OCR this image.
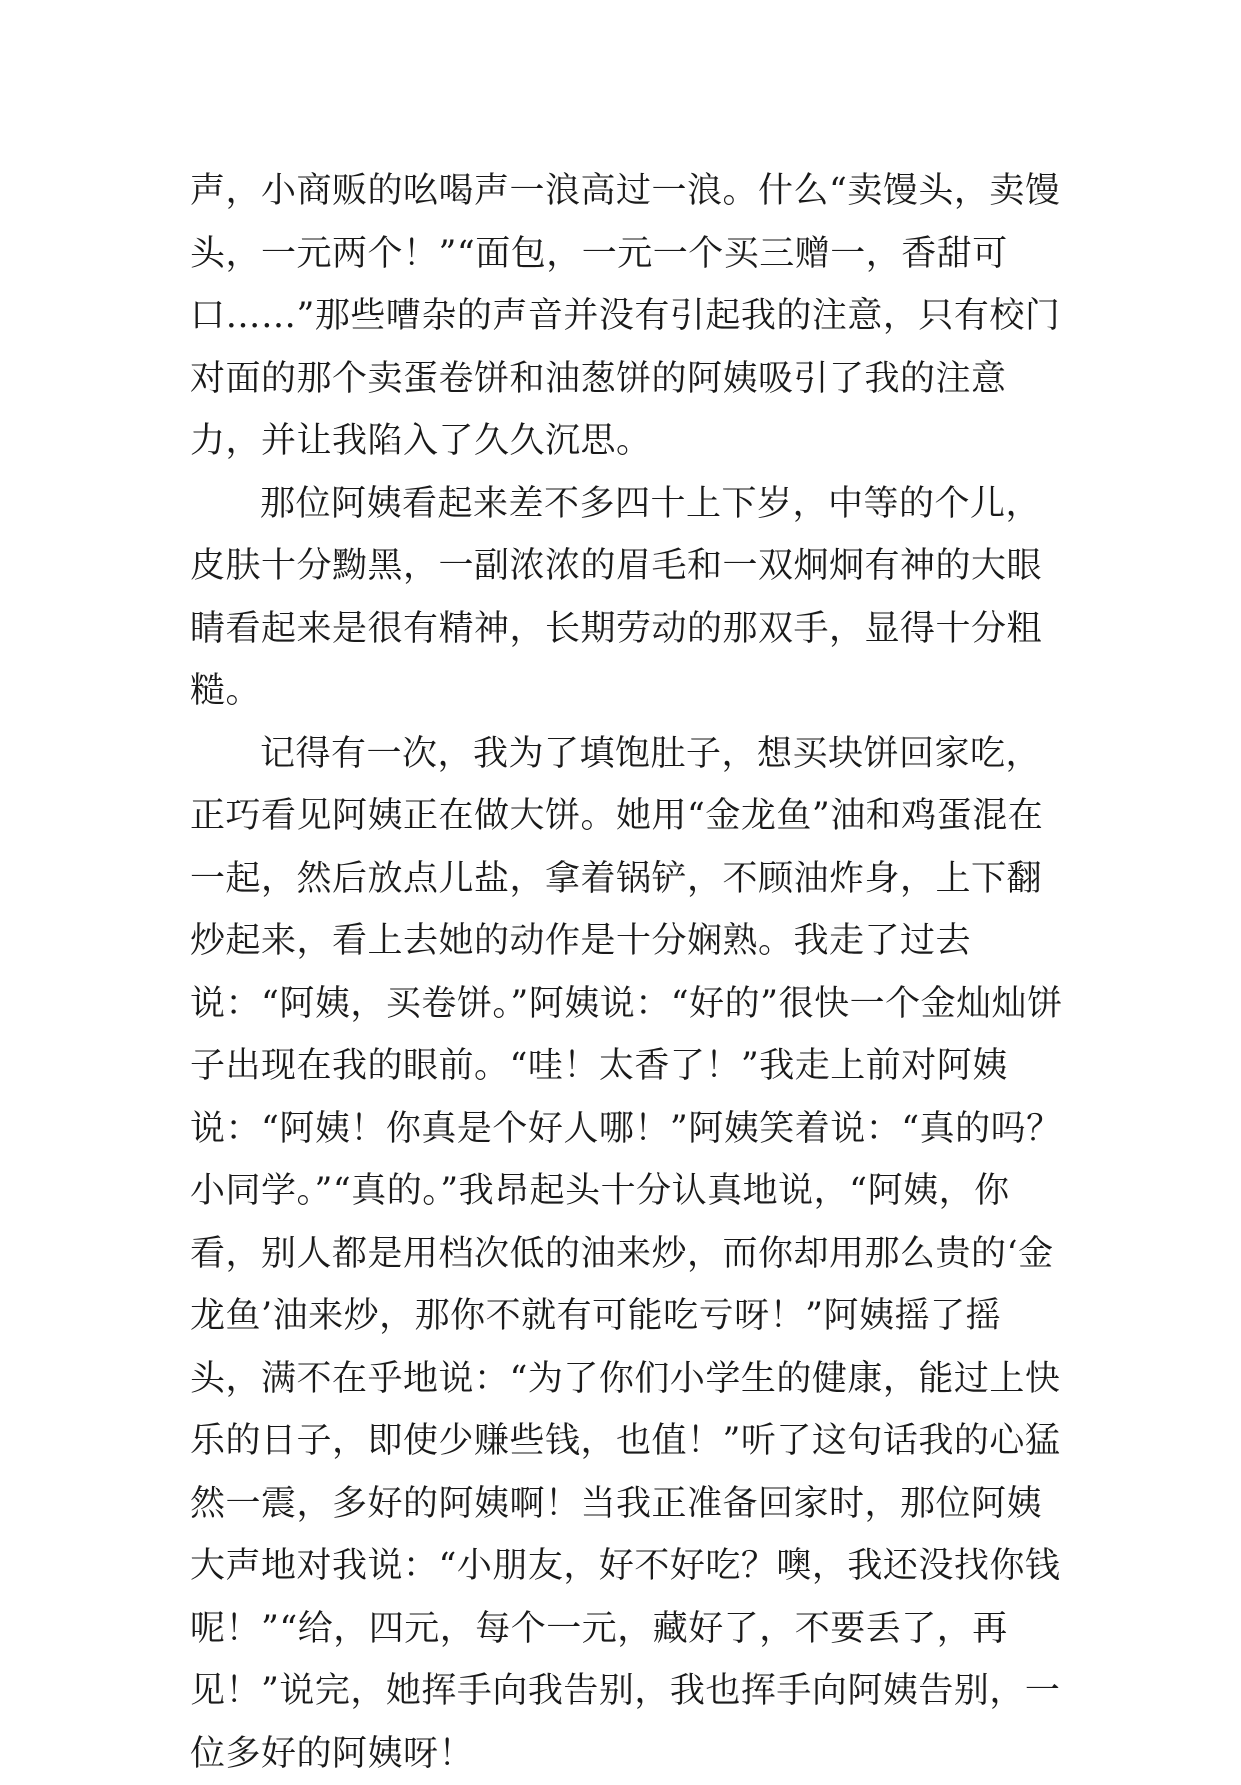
声，小商贩的吆喝声一浪高过一浪。什么“卖馒头，卖馒头，一元两个！”“面包，一元一个买三赠一，香甜可口……”那些嘈杂的声音并没有引起我的注意，只有校门对面的那个卖蛋卷饼和油葱饼的阿姨吸引了我的注意力，并让我陷入了久久沉思。

那位阿姨看起来差不多四十上下岁，中等的个儿，皮肤十分黝黑，一副浓浓的眉毛和一双炯炯有神的大眼睛看起来是很有精神，长期劳动的那双手，显得十分粗糙。

记得有一次，我为了填饱肚子，想买块饼回家吃，正巧看见阿姨正在做大饼。她用“金龙鱼”油和鸡蛋混在一起，然后放点儿盐，拿着锅铲，不顾油炸身，上下翻炒起来，看上去她的动作是十分娴熟。我走了过去说：“阿姨，买卷饼。”阿姨说：“好的”很快一个金灿灿饼子出现在我的眼前。“哇！太香了！”我走上前对阿姨说：“阿姨！你真是个好人哪！”阿姨笑着说：“真的吗？小同学。”“真的。”我昂起头十分认真地说，“阿姨，你看，别人都是用档次低的油来炒，而你却用那么贵的‘金龙鱼’油来炒，那你不就有可能吃亏呀！”阿姨摇了摇头，满不在乎地说：“为了你们小学生的健康，能过上快乐的日子，即使少赚些钱，也值！”听了这句话我的心猛然一震，多好的阿姨啊！当我正准备回家时，那位阿姨大声地对我说：“小朋友，好不好吃？噢，我还没找你钱呢！”“给，四元，每个一元，藏好了，不要丢了，再见！”说完，她挥手向我告别，我也挥手向阿姨告别，一位多好的阿姨呀！
